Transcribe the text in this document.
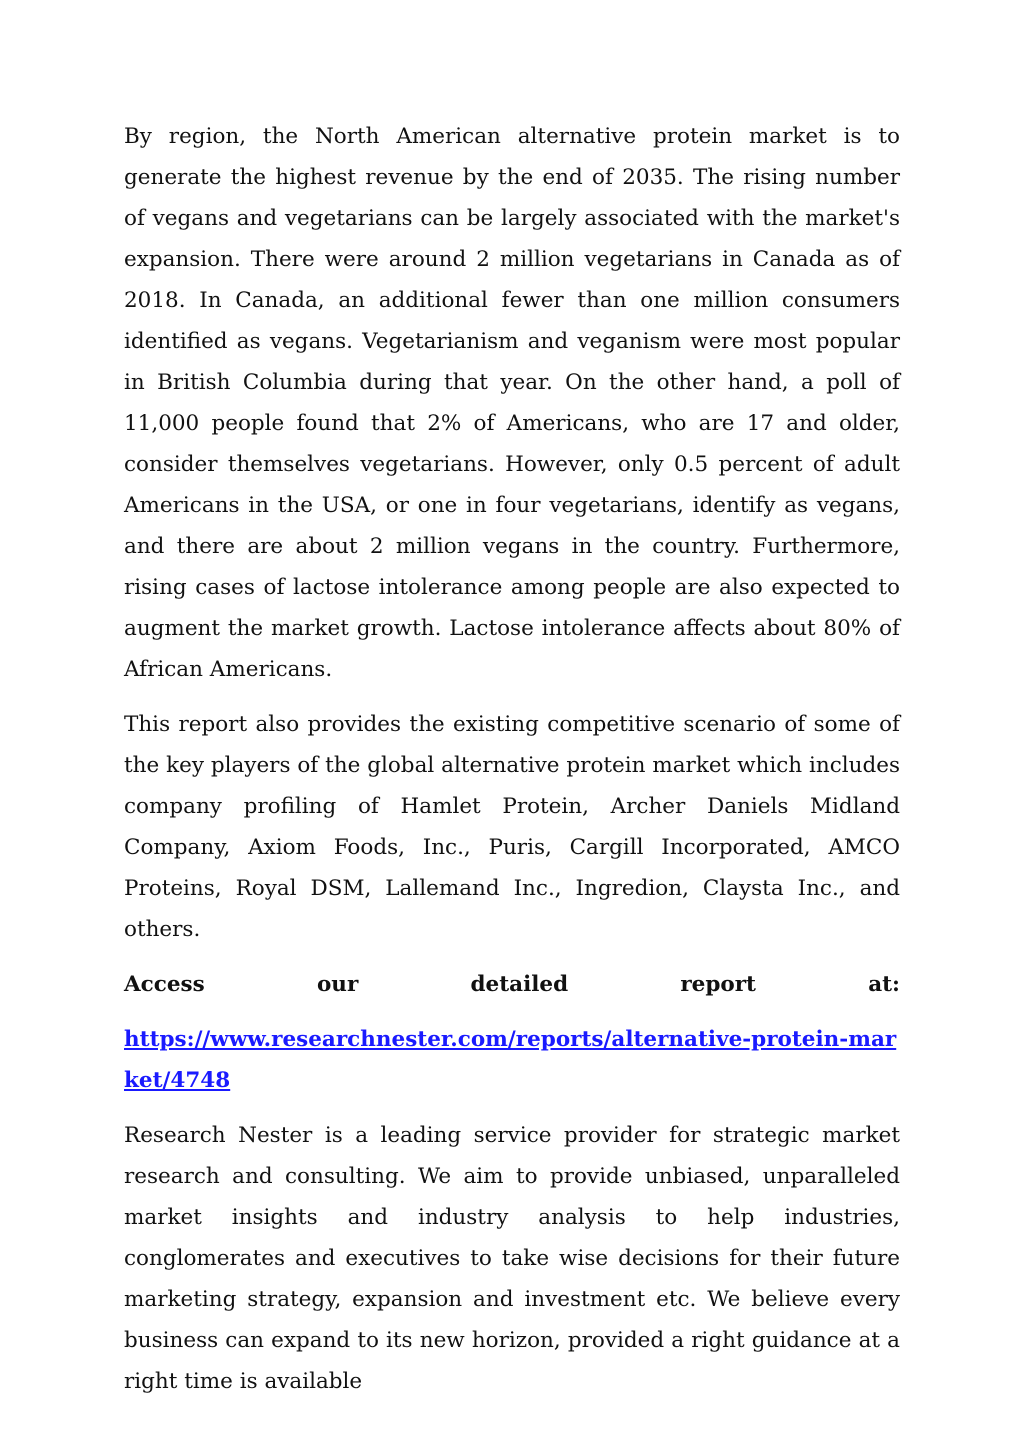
By region, the North American alternative protein market is to generate the highest revenue by the end of 2035. The rising number of vegans and vegetarians can be largely associated with the market's expansion. There were around 2 million vegetarians in Canada as of 2018. In Canada, an additional fewer than one million consumers identified as vegans. Vegetarianism and veganism were most popular in British Columbia during that year. On the other hand, a poll of 11,000 people found that 2% of Americans, who are 17 and older, consider themselves vegetarians. However, only 0.5 percent of adult Americans in the USA, or one in four vegetarians, identify as vegans, and there are about 2 million vegans in the country. Furthermore, rising cases of lactose intolerance among people are also expected to augment the market growth. Lactose intolerance affects about 80% of African Americans.

This report also provides the existing competitive scenario of some of the key players of the global alternative protein market which includes company profiling of Hamlet Protein, Archer Daniels Midland Company, Axiom Foods, Inc., Puris, Cargill Incorporated, AMCO Proteins, Royal DSM, Lallemand Inc., Ingredion, Claysta Inc., and others.

Access our detailed report at:

https://www.researchnester.com/reports/alternative-protein-market/4748

Research Nester is a leading service provider for strategic market research and consulting. We aim to provide unbiased, unparalleled market insights and industry analysis to help industries, conglomerates and executives to take wise decisions for their future marketing strategy, expansion and investment etc. We believe every business can expand to its new horizon, provided a right guidance at a right time is available
